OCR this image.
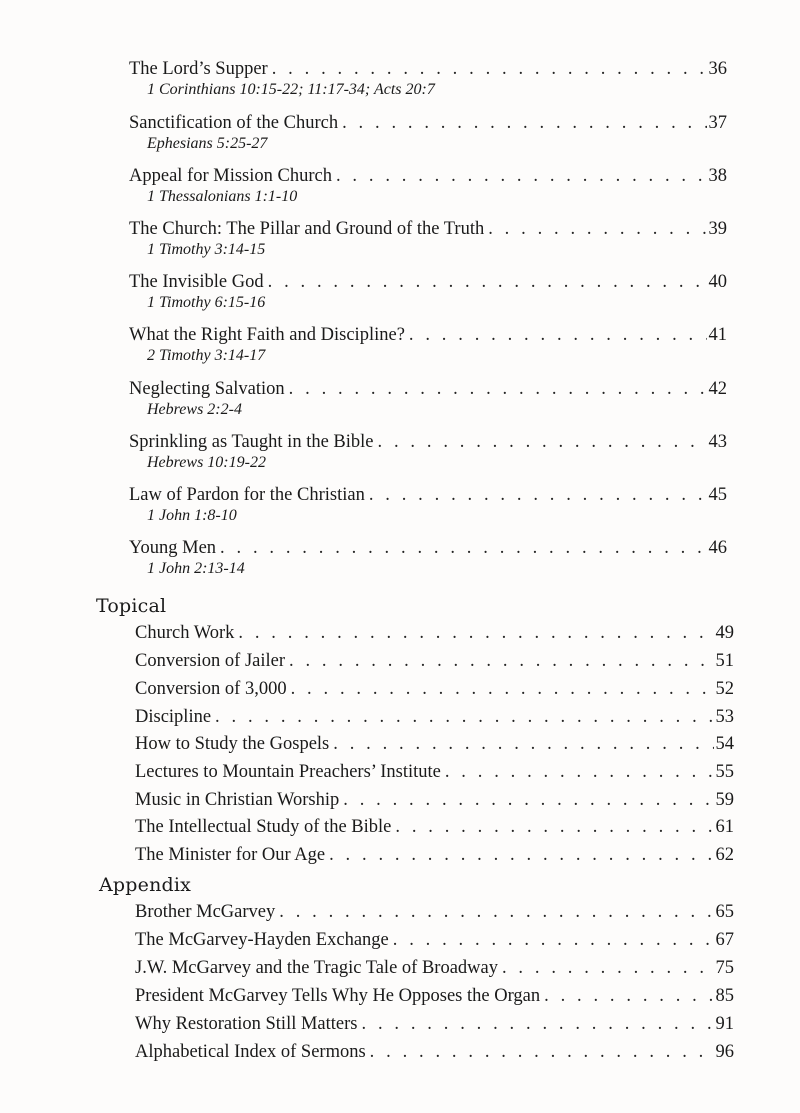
The Lord’s Supper . . .	36
1 Corinthians 10:15-22; 11:17-34; Acts 20:7
Sanctification of the Church . . .	37
Ephesians 5:25-27
Appeal for Mission Church . . .	38
1 Thessalonians 1:1-10
The Church: The Pillar and Ground of the Truth . . .	39
1 Timothy 3:14-15
The Invisible God . . .	40
1 Timothy 6:15-16
What the Right Faith and Discipline? . . .	41
2 Timothy 3:14-17
Neglecting Salvation . . .	42
Hebrews 2:2-4
Sprinkling as Taught in the Bible . . .	43
Hebrews 10:19-22
Law of Pardon for the Christian . . .	45
1 John 1:8-10
Young Men . . .	46
1 John 2:13-14
Topical
Church Work . . .	49
Conversion of Jailer . . .	51
Conversion of 3,000 . . .	52
Discipline . . .	53
How to Study the Gospels . . .	54
Lectures to Mountain Preachers’ Institute . . .	55
Music in Christian Worship . . .	59
The Intellectual Study of the Bible . . .	61
The Minister for Our Age . . .	62
Appendix
Brother McGarvey . . .	65
The McGarvey-Hayden Exchange . . .	67
J.W. McGarvey and the Tragic Tale of Broadway . . .	75
President McGarvey Tells Why He Opposes the Organ . . .	85
Why Restoration Still Matters . . .	91
Alphabetical Index of Sermons . . .	96
